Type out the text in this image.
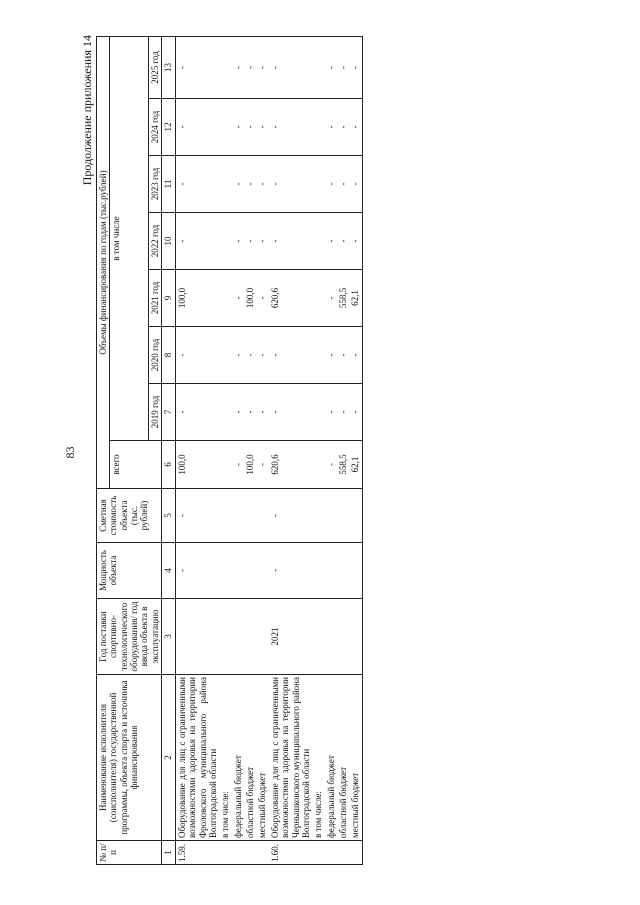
83
Продолжение приложения 14
№ п/п	Наименование исполнителя (соисполнителя) государственной программы, объекта спорта и источника финансирования	Год поставки спортивно-технологического оборудования/ год ввода объекта в эксплуатацию	Мощность объекта	Сметная стоимость объекта (тыс. рублей)	Объемы финансирования по годам (тыс.рублей)							
					всего	в том числе						
						2019 год	2020 год	2021 год	2022 год	2023 год	2024 год	2025 год
1	2	3	4	5	6	7	8	9	10	11	12	13
1.59.	Оборудование для лиц с ограниченными возможностями здоровья на территории Фроловского муниципального района Волгоградской области		-	-	100,0	-	-	100,0	-	-	-	-
	в том числе:											
	федеральный бюджет				-	-	-	-	-	-	-	-
	областной бюджет				100,0	-	-	100,0	-	-	-	-
	местный бюджет				-	-	-	-	-	-	-	-
1.60.	Оборудование для лиц с ограниченными возможностями здоровья на территории Чернышковского муниципального района Волгоградской области	2021	-	-	620,6	-	-	620,6	-	-	-	-
	в том числе:											
	федеральный бюджет				-	-	-	-	-	-	-	-
	областной бюджет				558,5	-	-	558,5	-	-	-	-
	местный бюджет				62,1	-	-	62,1	-	-	-	-
